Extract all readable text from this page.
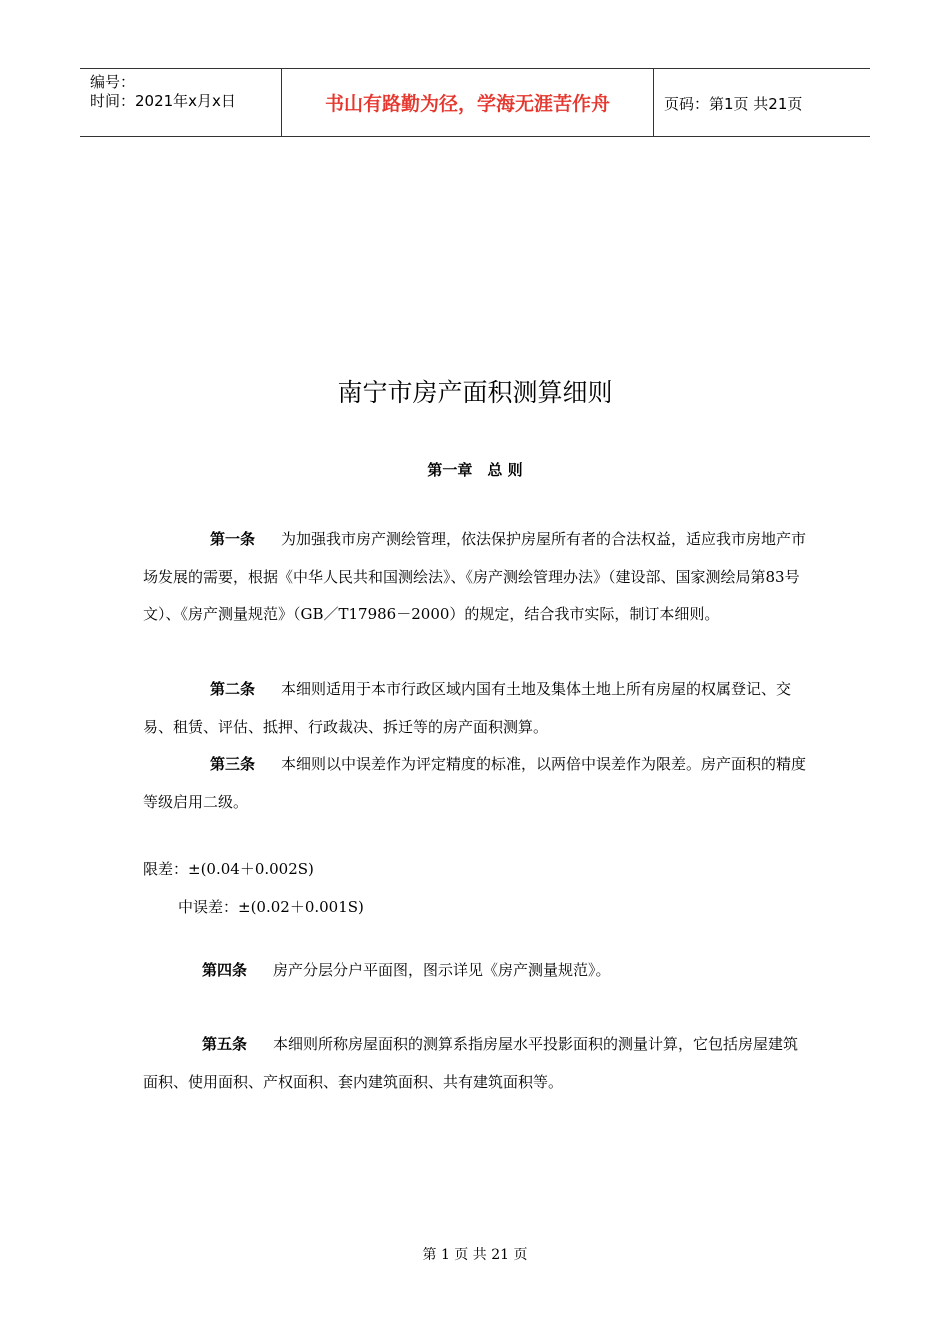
编号：
时间：2021年x月x日	书山有路勤为径，学海无涯苦作舟	页码：第1页 共21页
南宁市房产面积测算细则
第一章　总 则

第一条 为加强我市房产测绘管理，依法保护房屋所有者的合法权益，适应我市房地产市场发展的需要，根据《中华人民共和国测绘法》、《房产测绘管理办法》（建设部、国家测绘局第83号文）、《房产测量规范》（GB／T17986－2000）的规定，结合我市实际，制订本细则。

第二条 本细则适用于本市行政区域内国有土地及集体土地上所有房屋的权属登记、交易、租赁、评估、抵押、行政裁决、拆迁等的房产面积测算。

第三条 本细则以中误差作为评定精度的标准，以两倍中误差作为限差。房产面积的精度等级启用二级。

限差：±(0.04＋0.002S)

中误差：±(0.02＋0.001S)

第四条 房产分层分户平面图，图示详见《房产测量规范》。

第五条 本细则所称房屋面积的测算系指房屋水平投影面积的测量计算，它包括房屋建筑面积、使用面积、产权面积、套内建筑面积、共有建筑面积等。

第 1 页 共 21 页
